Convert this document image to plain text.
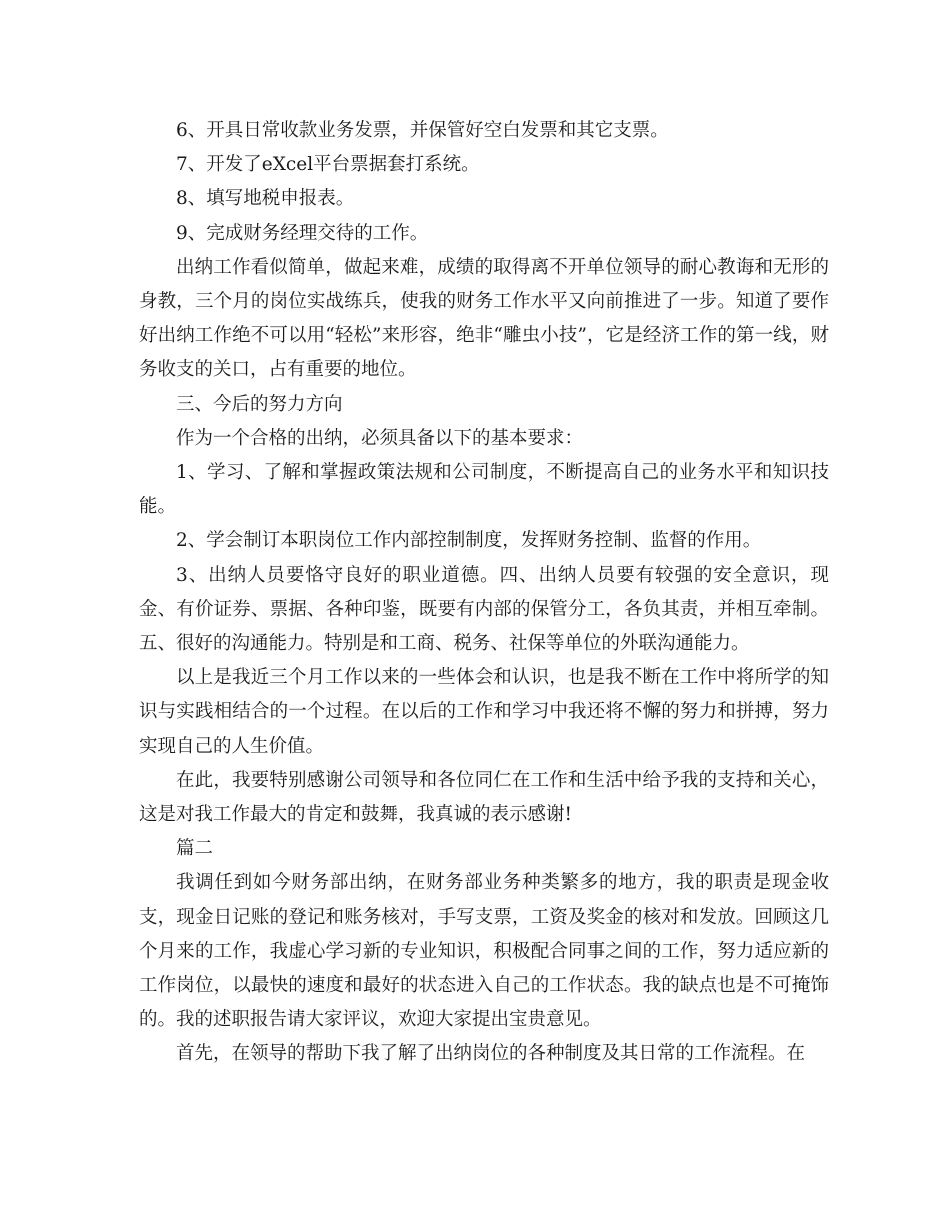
6、开具日常收款业务发票，并保管好空白发票和其它支票。

7、开发了eXcel平台票据套打系统。

8、填写地税申报表。

9、完成财务经理交待的工作。

出纳工作看似简单，做起来难，成绩的取得离不开单位领导的耐心教诲和无形的身教，三个月的岗位实战练兵，使我的财务工作水平又向前推进了一步。知道了要作好出纳工作绝不可以用“轻松”来形容，绝非“雕虫小技”，它是经济工作的第一线，财务收支的关口，占有重要的地位。

三、今后的努力方向

作为一个合格的出纳，必须具备以下的基本要求：

1、学习、了解和掌握政策法规和公司制度，不断提高自己的业务水平和知识技能。

2、学会制订本职岗位工作内部控制制度，发挥财务控制、监督的作用。

3、出纳人员要恪守良好的职业道德。四、出纳人员要有较强的安全意识，现金、有价证券、票据、各种印鉴，既要有内部的保管分工，各负其责，并相互牵制。五、很好的沟通能力。特别是和工商、税务、社保等单位的外联沟通能力。

以上是我近三个月工作以来的一些体会和认识，也是我不断在工作中将所学的知识与实践相结合的一个过程。在以后的工作和学习中我还将不懈的努力和拼搏，努力实现自己的人生价值。

在此，我要特别感谢公司领导和各位同仁在工作和生活中给予我的支持和关心，这是对我工作最大的肯定和鼓舞，我真诚的表示感谢!

篇二

我调任到如今财务部出纳，在财务部业务种类繁多的地方，我的职责是现金收支，现金日记账的登记和账务核对，手写支票，工资及奖金的核对和发放。回顾这几个月来的工作，我虚心学习新的专业知识，积极配合同事之间的工作，努力适应新的工作岗位，以最快的速度和最好的状态进入自己的工作状态。我的缺点也是不可掩饰的。我的述职报告请大家评议，欢迎大家提出宝贵意见。

首先，在领导的帮助下我了解了出纳岗位的各种制度及其日常的工作流程。在
